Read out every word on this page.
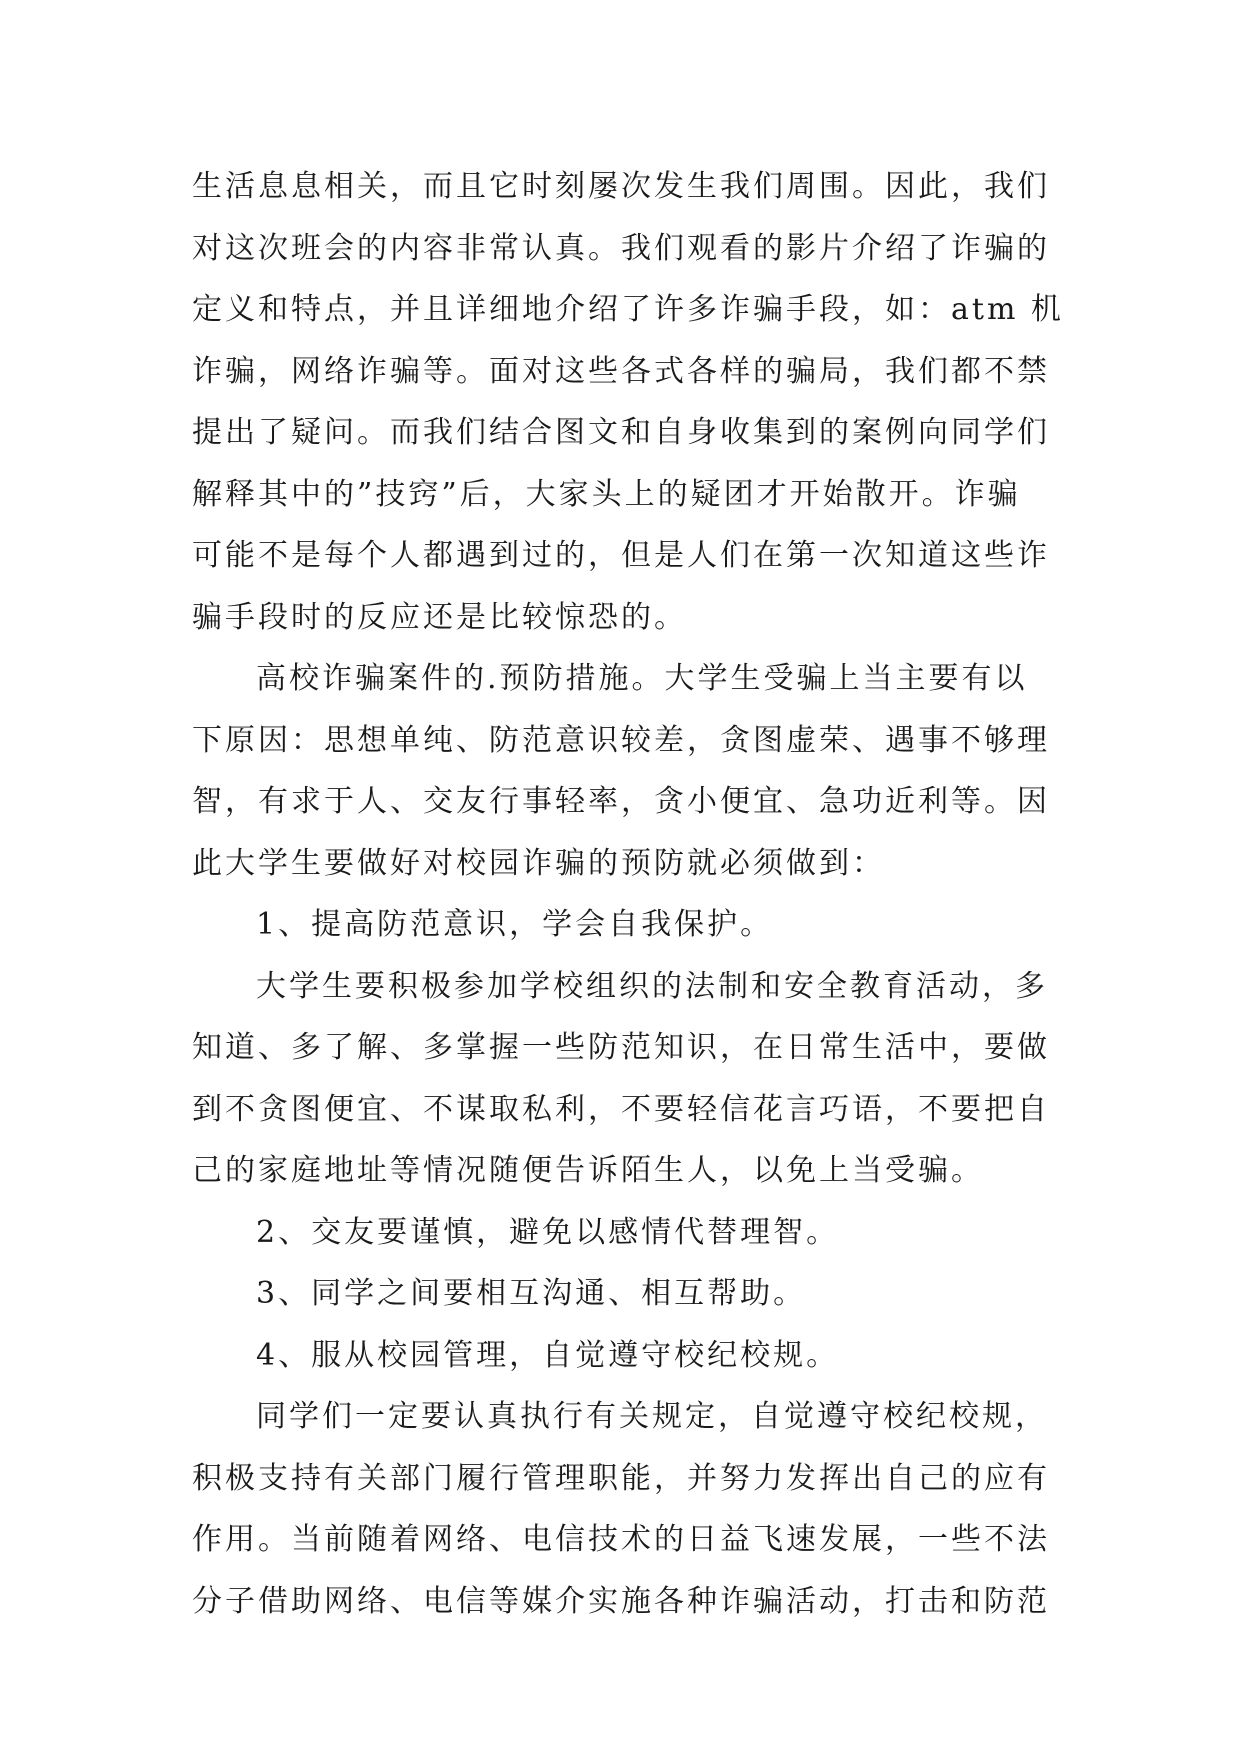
生活息息相关，而且它时刻屡次发生我们周围。因此，我们
对这次班会的内容非常认真。我们观看的影片介绍了诈骗的
定义和特点，并且详细地介绍了许多诈骗手段，如：atm 机
诈骗，网络诈骗等。面对这些各式各样的骗局，我们都不禁
提出了疑问。而我们结合图文和自身收集到的案例向同学们
解释其中的”技窍”后，大家头上的疑团才开始散开。诈骗
可能不是每个人都遇到过的，但是人们在第一次知道这些诈
骗手段时的反应还是比较惊恐的。
高校诈骗案件的.预防措施。大学生受骗上当主要有以
下原因：思想单纯、防范意识较差，贪图虚荣、遇事不够理
智，有求于人、交友行事轻率，贪小便宜、急功近利等。因
此大学生要做好对校园诈骗的预防就必须做到：
1、提高防范意识，学会自我保护。
大学生要积极参加学校组织的法制和安全教育活动，多
知道、多了解、多掌握一些防范知识，在日常生活中，要做
到不贪图便宜、不谋取私利，不要轻信花言巧语，不要把自
己的家庭地址等情况随便告诉陌生人，以免上当受骗。
2、交友要谨慎，避免以感情代替理智。
3、同学之间要相互沟通、相互帮助。
4、服从校园管理，自觉遵守校纪校规。
同学们一定要认真执行有关规定，自觉遵守校纪校规，
积极支持有关部门履行管理职能，并努力发挥出自己的应有
作用。当前随着网络、电信技术的日益飞速发展，一些不法
分子借助网络、电信等媒介实施各种诈骗活动，打击和防范
